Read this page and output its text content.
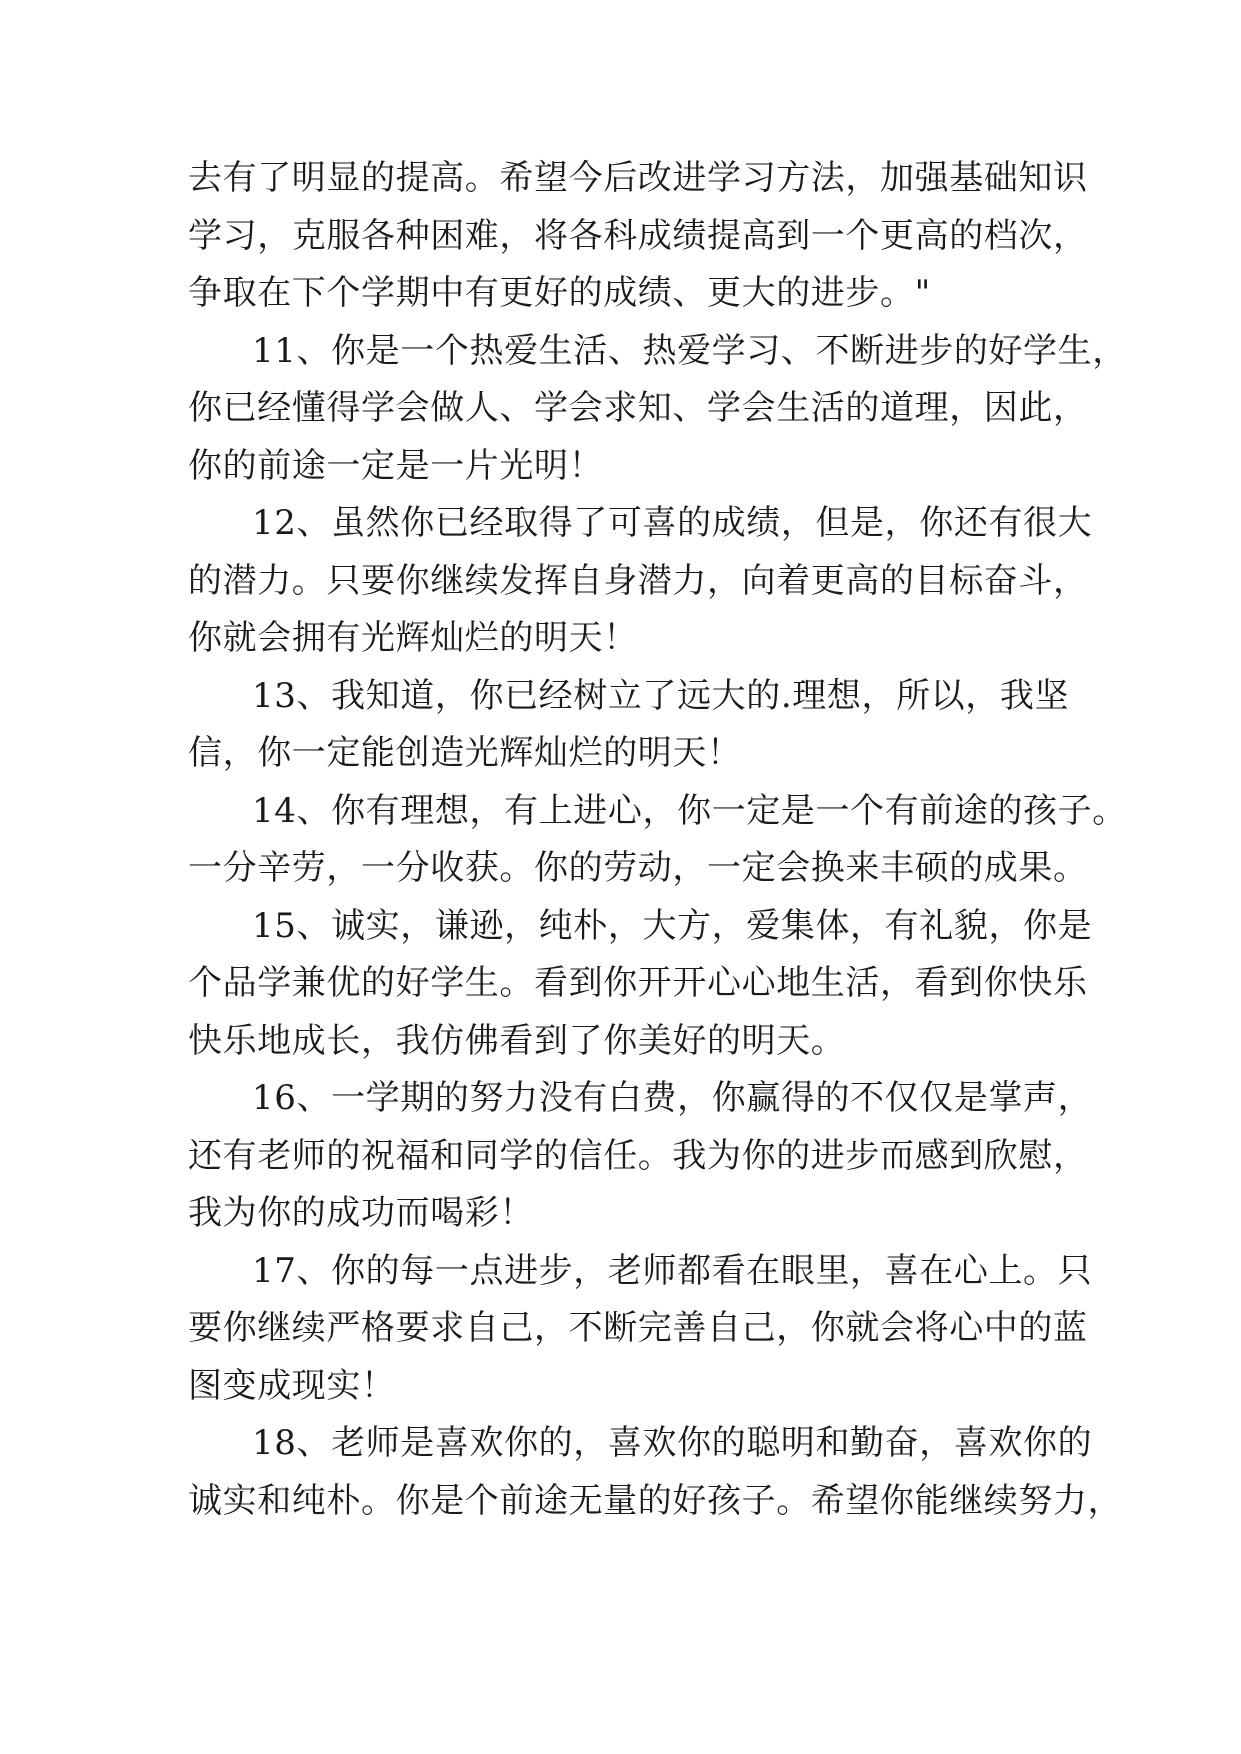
去有了明显的提高。希望今后改进学习方法，加强基础知识
学习，克服各种困难，将各科成绩提高到一个更高的档次，
争取在下个学期中有更好的成绩、更大的进步。"
11、你是一个热爱生活、热爱学习、不断进步的好学生，
你已经懂得学会做人、学会求知、学会生活的道理，因此，
你的前途一定是一片光明！
12、虽然你已经取得了可喜的成绩，但是，你还有很大
的潜力。只要你继续发挥自身潜力，向着更高的目标奋斗，
你就会拥有光辉灿烂的明天！
13、我知道，你已经树立了远大的.理想，所以，我坚
信，你一定能创造光辉灿烂的明天！
14、你有理想，有上进心，你一定是一个有前途的孩子。
一分辛劳，一分收获。你的劳动，一定会换来丰硕的成果。
15、诚实，谦逊，纯朴，大方，爱集体，有礼貌，你是
个品学兼优的好学生。看到你开开心心地生活，看到你快乐
快乐地成长，我仿佛看到了你美好的明天。
16、一学期的努力没有白费，你赢得的不仅仅是掌声，
还有老师的祝福和同学的信任。我为你的进步而感到欣慰，
我为你的成功而喝彩！
17、你的每一点进步，老师都看在眼里，喜在心上。只
要你继续严格要求自己，不断完善自己，你就会将心中的蓝
图变成现实！
18、老师是喜欢你的，喜欢你的聪明和勤奋，喜欢你的
诚实和纯朴。你是个前途无量的好孩子。希望你能继续努力，
